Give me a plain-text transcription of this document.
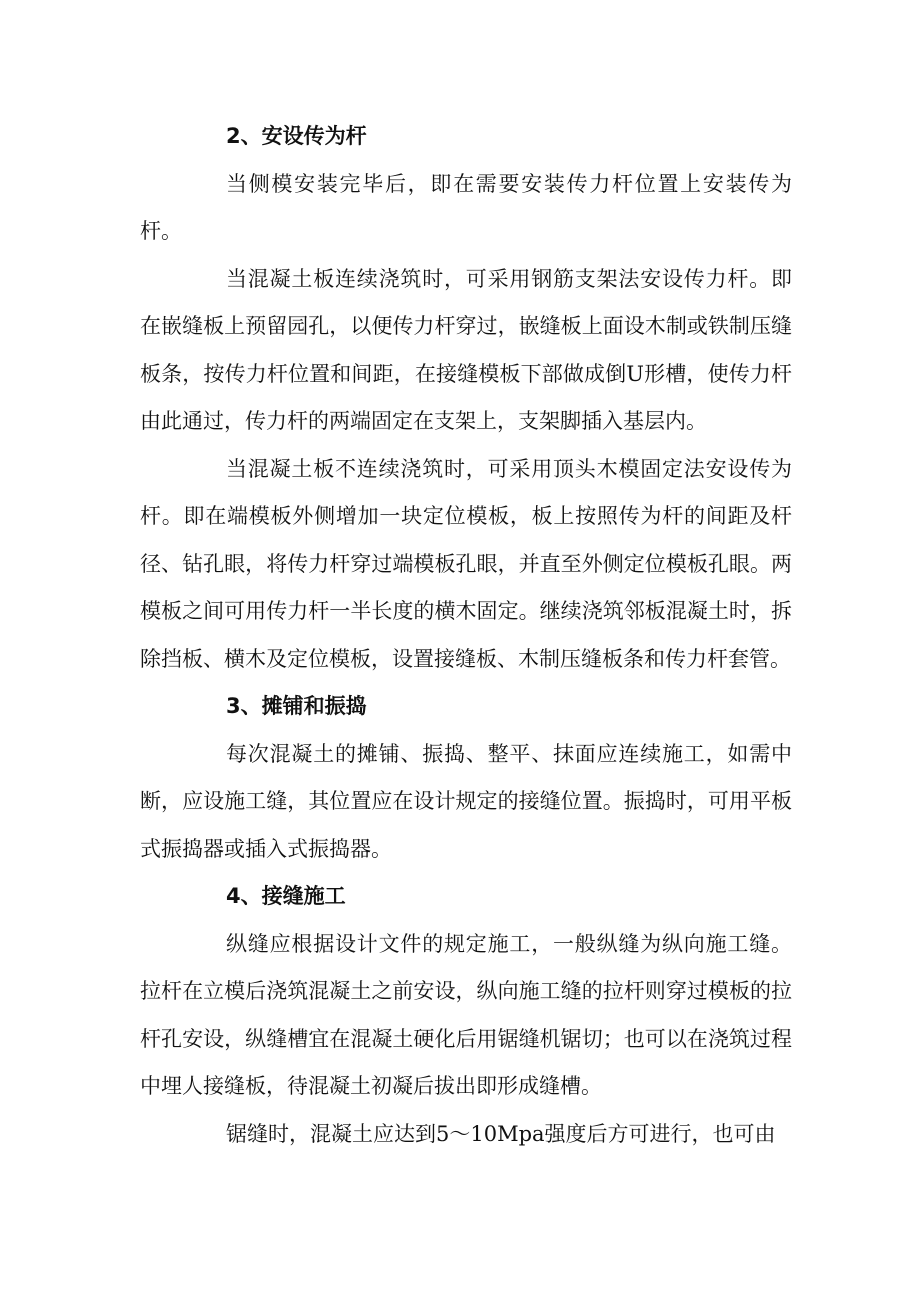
2、安设传为杆

当侧模安装完毕后，即在需要安装传力杆位置上安装传为杆。

当混凝土板连续浇筑时，可采用钢筋支架法安设传力杆。即在嵌缝板上预留园孔，以便传力杆穿过，嵌缝板上面设木制或铁制压缝板条，按传力杆位置和间距，在接缝模板下部做成倒U形槽，使传力杆由此通过，传力杆的两端固定在支架上，支架脚插入基层内。

当混凝土板不连续浇筑时，可采用顶头木模固定法安设传为杆。即在端模板外侧增加一块定位模板，板上按照传为杆的间距及杆径、钻孔眼，将传力杆穿过端模板孔眼，并直至外侧定位模板孔眼。两模板之间可用传力杆一半长度的横木固定。继续浇筑邻板混凝土时，拆除挡板、横木及定位模板，设置接缝板、木制压缝板条和传力杆套管。

3、摊铺和振捣

每次混凝土的摊铺、振捣、整平、抹面应连续施工，如需中断，应设施工缝，其位置应在设计规定的接缝位置。振捣时，可用平板式振捣器或插入式振捣器。

4、接缝施工

纵缝应根据设计文件的规定施工，一般纵缝为纵向施工缝。拉杆在立模后浇筑混凝土之前安设，纵向施工缝的拉杆则穿过模板的拉杆孔安设，纵缝槽宜在混凝土硬化后用锯缝机锯切；也可以在浇筑过程中埋人接缝板，待混凝土初凝后拔出即形成缝槽。

锯缝时，混凝土应达到5～10Mpa强度后方可进行，也可由
